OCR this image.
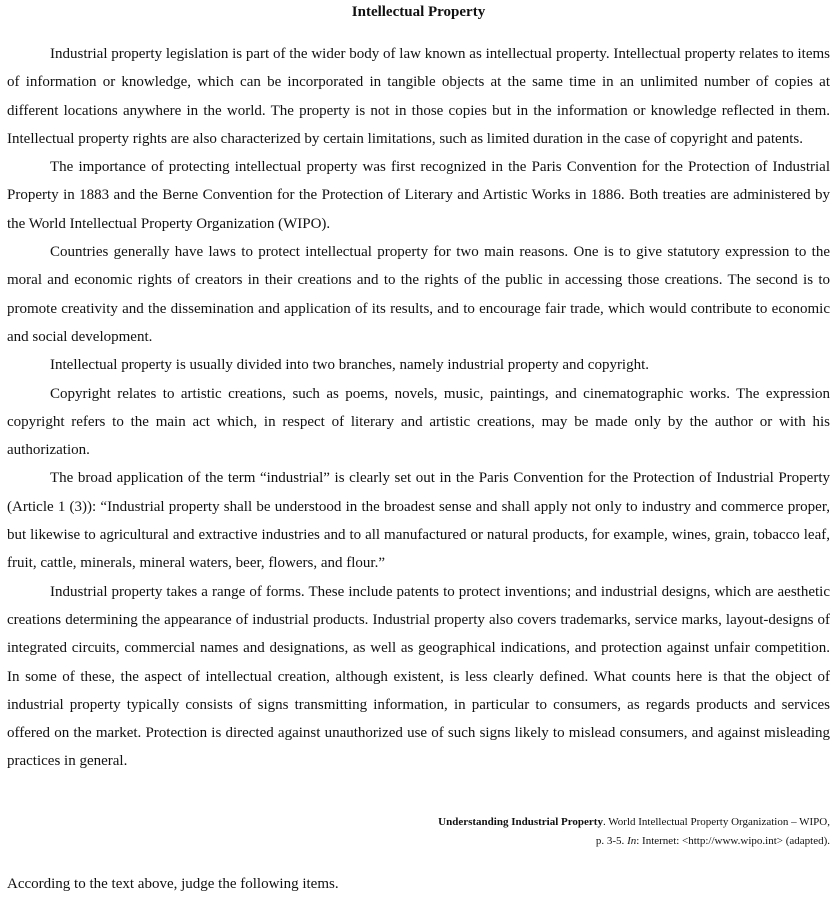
Intellectual Property

Industrial property legislation is part of the wider body of law known as intellectual property. Intellectual property relates to items of information or knowledge, which can be incorporated in tangible objects at the same time in an unlimited number of copies at different locations anywhere in the world. The property is not in those copies but in the information or knowledge reflected in them. Intellectual property rights are also characterized by certain limitations, such as limited duration in the case of copyright and patents.

The importance of protecting intellectual property was first recognized in the Paris Convention for the Protection of Industrial Property in 1883 and the Berne Convention for the Protection of Literary and Artistic Works in 1886. Both treaties are administered by the World Intellectual Property Organization (WIPO).

Countries generally have laws to protect intellectual property for two main reasons. One is to give statutory expression to the moral and economic rights of creators in their creations and to the rights of the public in accessing those creations. The second is to promote creativity and the dissemination and application of its results, and to encourage fair trade, which would contribute to economic and social development.

Intellectual property is usually divided into two branches, namely industrial property and copyright.

Copyright relates to artistic creations, such as poems, novels, music, paintings, and cinematographic works. The expression copyright refers to the main act which, in respect of literary and artistic creations, may be made only by the author or with his authorization.

The broad application of the term “industrial” is clearly set out in the Paris Convention for the Protection of Industrial Property (Article 1 (3)): “Industrial property shall be understood in the broadest sense and shall apply not only to industry and commerce proper, but likewise to agricultural and extractive industries and to all manufactured or natural products, for example, wines, grain, tobacco leaf, fruit, cattle, minerals, mineral waters, beer, flowers, and flour.”

Industrial property takes a range of forms. These include patents to protect inventions; and industrial designs, which are aesthetic creations determining the appearance of industrial products. Industrial property also covers trademarks, service marks, layout-designs of integrated circuits, commercial names and designations, as well as geographical indications, and protection against unfair competition. In some of these, the aspect of intellectual creation, although existent, is less clearly defined. What counts here is that the object of industrial property typically consists of signs transmitting information, in particular to consumers, as regards products and services offered on the market. Protection is directed against unauthorized use of such signs likely to mislead consumers, and against misleading practices in general.

Understanding Industrial Property. World Intellectual Property Organization – WIPO,
p. 3-5. In: Internet: <http://www.wipo.int> (adapted).
According to the text above, judge the following items.
